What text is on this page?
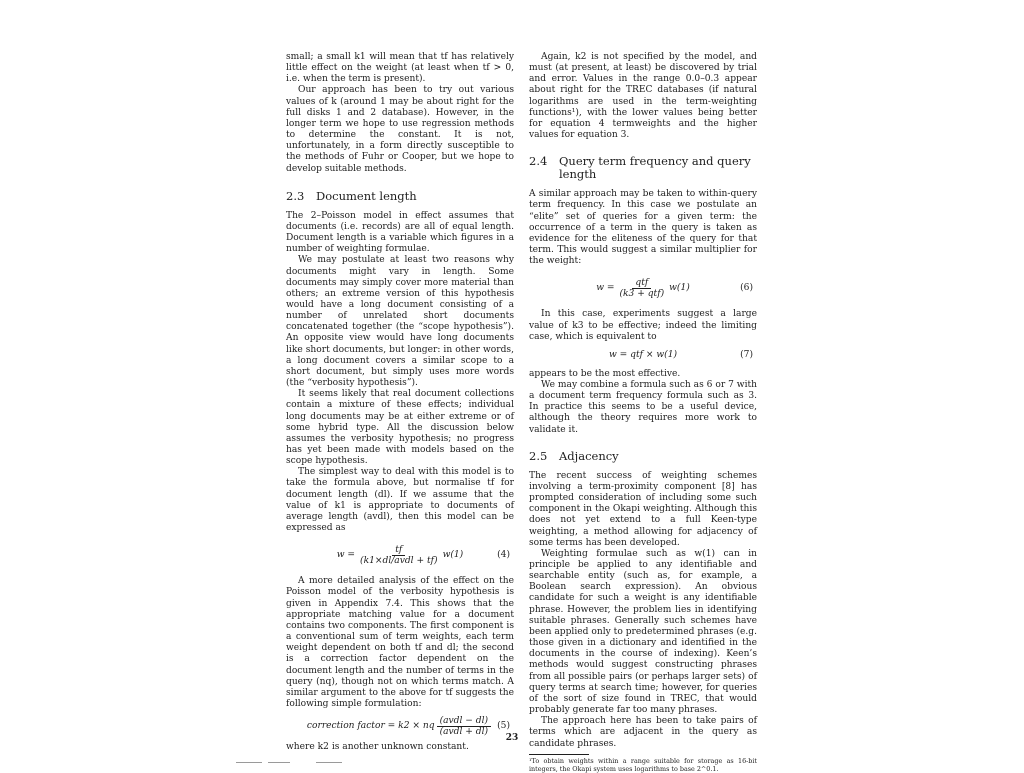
small; a small k1 will mean that tf has relatively little effect on the weight (at least when tf > 0, i.e. when the term is present).

Our approach has been to try out various values of k (around 1 may be about right for the full disks 1 and 2 database). However, in the longer term we hope to use regression methods to determine the constant. It is not, unfortunately, in a form directly susceptible to the methods of Fuhr or Cooper, but we hope to develop suitable methods.

2.3	Document length

The 2–Poisson model in effect assumes that documents (i.e. records) are all of equal length. Document length is a variable which figures in a number of weighting formulae.

We may postulate at least two reasons why documents might vary in length. Some documents may simply cover more material than others; an extreme version of this hypothesis would have a long document consisting of a number of unrelated short documents concatenated together (the “scope hypothesis”). An opposite view would have long documents like short documents, but longer: in other words, a long document covers a similar scope to a short document, but simply uses more words (the “verbosity hypothesis”).

It seems likely that real document collections contain a mixture of these effects; individual long documents may be at either extreme or of some hybrid type. All the discussion below assumes the verbosity hypothesis; no progress has yet been made with models based on the scope hypothesis.

The simplest way to deal with this model is to take the formula above, but normalise tf for document length (dl). If we assume that the value of k1 is appropriate to documents of average length (avdl), then this model can be expressed as

$w = \frac{tf}{\text{(k1×dl/avdl + tf)}} w(1)$	(4)

A more detailed analysis of the effect on the Poisson model of the verbosity hypothesis is given in Appendix 7.4. This shows that the appropriate matching value for a document contains two components. The first component is a conventional sum of term weights, each term weight dependent on both tf and dl; the second is a correction factor dependent on the document length and the number of terms in the query (nq), though not on which terms match. A similar argument to the above for tf suggests the following simple formulation:

correction factor = k2 × nq $\frac{\text{(avdl − dl)}}{\text{(avdl + dl)}} (5)$

where k2 is another unknown constant.

Again, k2 is not specified by the model, and must (at present, at least) be discovered by trial and error. Values in the range 0.0–0.3 appear about right for the TREC databases (if natural logarithms are used in the term-weighting functions¹), with the lower values being better for equation 4 termweights and the higher values for equation 3.

2.4	Query term frequency and query length

A similar approach may be taken to within-query term frequency. In this case we postulate an “elite” set of queries for a given term: the occurrence of a term in the query is taken as evidence for the eliteness of the query for that term. This would suggest a similar multiplier for the weight:

$w = \frac{\text{qtf}}{\text{(k3 + qtf)}} w(1)$	(6)

In this case, experiments suggest a large value of k3 to be effective; indeed the limiting case, which is equivalent to

w = qtf × w(1)	(7)

appears to be the most effective.

We may combine a formula such as 6 or 7 with a document term frequency formula such as 3. In practice this seems to be a useful device, although the theory requires more work to validate it.

2.5	Adjacency

The recent success of weighting schemes involving a term-proximity component [8] has prompted consideration of including some such component in the Okapi weighting. Although this does not yet extend to a full Keen-type weighting, a method allowing for adjacency of some terms has been developed.

Weighting formulae such as w(1) can in principle be applied to any identifiable and searchable entity (such as, for example, a Boolean search expression). An obvious candidate for such a weight is any identifiable phrase. However, the problem lies in identifying suitable phrases. Generally such schemes have been applied only to predetermined phrases (e.g. those given in a dictionary and identified in the documents in the course of indexing). Keen’s methods would suggest constructing phrases from all possible pairs (or perhaps larger sets) of query terms at search time; however, for queries of the sort of size found in TREC, that would probably generate far too many phrases.

The approach here has been to take pairs of terms which are adjacent in the query as candidate phrases.

¹To obtain weights within a range suitable for storage as 16-bit integers, the Okapi system uses logarithms to base 2^0.1.

23
